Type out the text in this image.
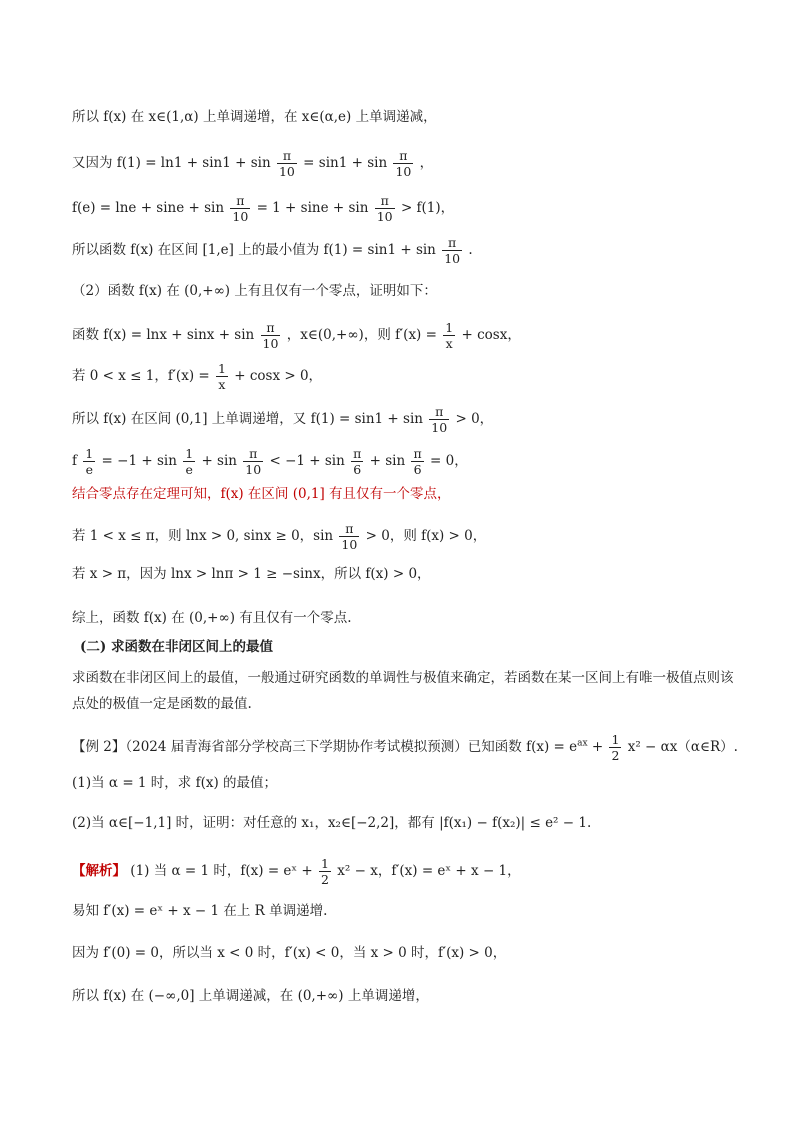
所以 f(x) 在 x∈(1,α) 上单调递增，在 x∈(α,e) 上单调递减，
又因为 $f(1) = \ln 1 + \sin 1 + \sin \frac{\pi}{10} = \sin 1 + \sin \frac{\pi}{10}$ ，
$f(e) = \ln e + \sin e + \sin \frac{\pi}{10} = 1 + \sin e + \sin \frac{\pi}{10} > f(1)$，
所以函数 f(x) 在区间 [1,e] 上的最小值为 $f(1) = \sin 1 + \sin \frac{\pi}{10}$ .
（2）函数 f(x) 在 (0,+∞) 上有且仅有一个零点，证明如下：
函数 $f(x) = \ln x + \sin x + \sin \frac{\pi}{10}$ ，x∈(0,+∞)，则 $f'(x) = \frac{1}{x} + \cos x$，
若 0 < x ≤ 1，$f'(x) = \frac{1}{x} + \cos x > 0$，
所以 f(x) 在区间 (0,1] 上单调递增，又 $f(1) = \sin 1 + \sin \frac{\pi}{10} > 0$，
f $\frac{1}{e} = -1 + \sin \frac{1}{e} + \sin \frac{\pi}{10} < -1 + \sin \frac{\pi}{6} + \sin \frac{\pi}{6} = 0$，
结合零点存在定理可知，f(x) 在区间 (0,1] 有且仅有一个零点，
若 1 < x ≤ π，则 lnx > 0, sinx ≥ 0，$\sin \frac{\pi}{10} > 0$，则 f(x) > 0，
若 x > π，因为 lnx > lnπ > 1 ≥ −sinx，所以 f(x) > 0，
综上，函数 f(x) 在 (0,+∞) 有且仅有一个零点.
(二) 求函数在非闭区间上的最值
求函数在非闭区间上的最值，一般通过研究函数的单调性与极值来确定，若函数在某一区间上有唯一极值点则该点处的极值一定是函数的最值.
【例 2】（2024 届青海省部分学校高三下学期协作考试模拟预测）已知函数 $f(x) = e^{ax} + \frac{1}{2} x^2$ − αx（α∈R）.
(1)当 α = 1 时，求 f(x) 的最值；
(2)当 α∈[−1,1] 时，证明：对任意的 x₁，x₂∈[−2,2]，都有 |f(x₁) − f(x₂)| ≤ e² − 1.
【解析】 (1) 当 α = 1 时，f(x) = eˣ + $\frac{1}{2} x^2 - x$，f′(x) = eˣ + x − 1，
易知 f′(x) = eˣ + x − 1 在上 R 单调递增.
因为 f′(0) = 0，所以当 x < 0 时，f′(x) < 0，当 x > 0 时，f′(x) > 0，
所以 f(x) 在 (−∞,0] 上单调递减，在 (0,+∞) 上单调递增，
